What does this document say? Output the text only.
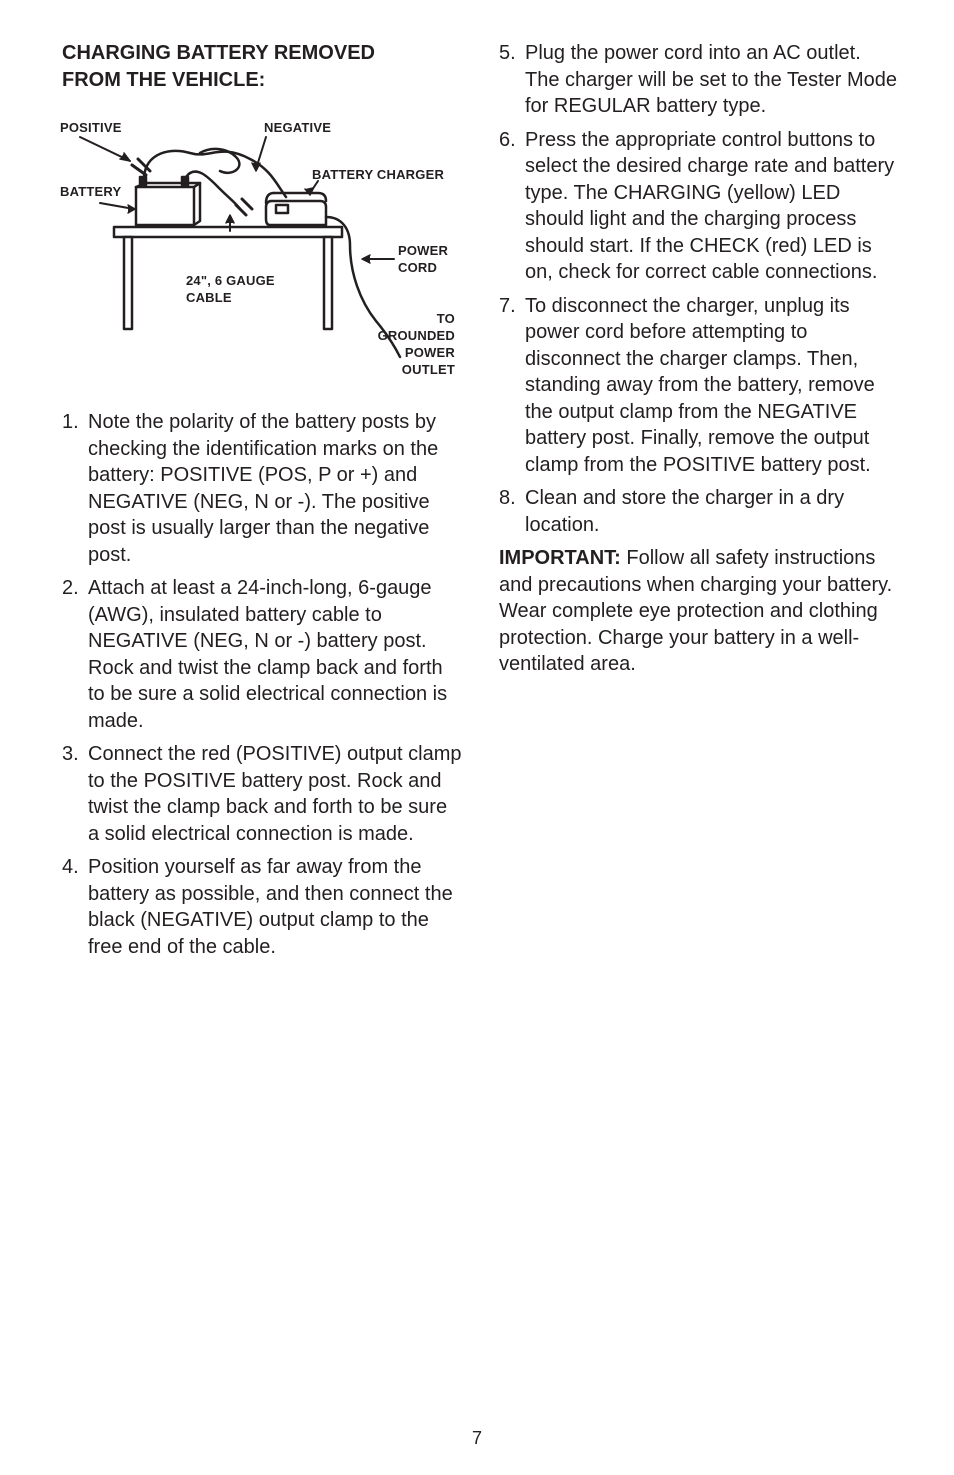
CHARGING BATTERY REMOVED

FROM THE VEHICLE:

POSITIVE	NEGATIVE
BATTERY CHARGER
BATTERY
POWER
CORD
24", 6 GAUGE
CABLE
TO
GROUNDED
POWER
OUTLET
1. Note the polarity of the battery posts by checking the identification marks on the battery: POSITIVE (POS, P or +) and NEGATIVE (NEG, N or -). The positive post is usually larger than the negative post.
2. Attach at least a 24-inch-long, 6-gauge (AWG), insulated battery cable to NEGATIVE (NEG, N or -) battery post. Rock and twist the clamp back and forth to be sure a solid electrical connection is made.
3. Connect the red (POSITIVE) output clamp to the POSITIVE battery post. Rock and twist the clamp back and forth to be sure a solid electrical connection is made.
4. Position yourself as far away from the battery as possible, and then connect the black (NEGATIVE) output clamp to the free end of the cable.
5. Plug the power cord into an AC outlet. The charger will be set to the Tester Mode for REGULAR battery type.
6. Press the appropriate control buttons to select the desired charge rate and battery type. The CHARGING (yellow) LED should light and the charging process should start. If the CHECK (red) LED is on, check for correct cable connections.
7. To disconnect the charger, unplug its power cord before attempting to disconnect the charger clamps. Then, standing away from the battery, remove the output clamp from the NEGATIVE battery post. Finally, remove the output clamp from the POSITIVE battery post.
8. Clean and store the charger in a dry location.

IMPORTANT: Follow all safety instructions and precautions when charging your battery. Wear complete eye protection and clothing protection. Charge your battery in a well-ventilated area.

7
